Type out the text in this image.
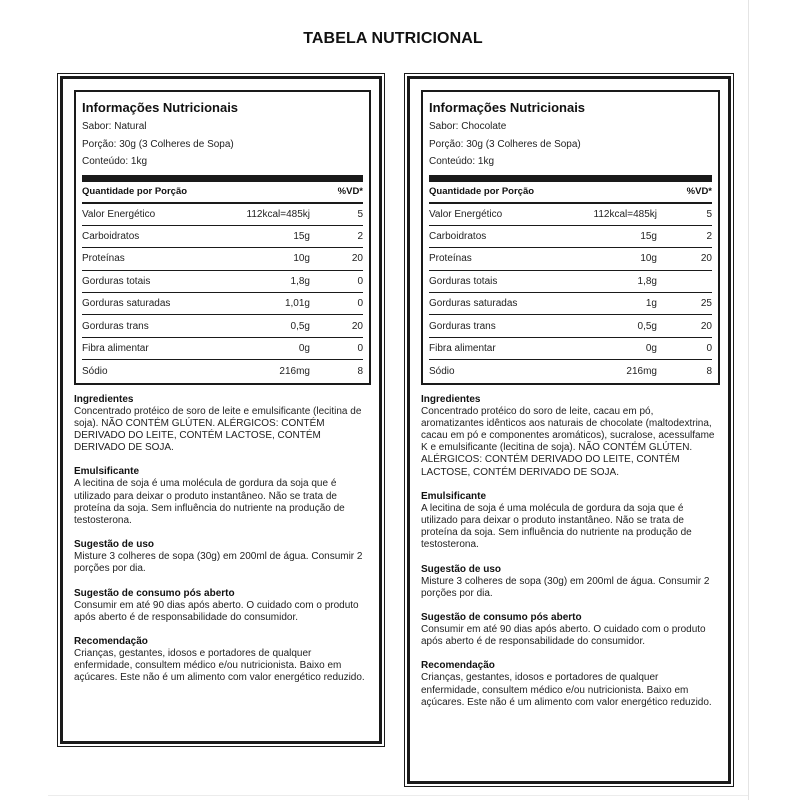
TABELA NUTRICIONAL
Informações Nutricionais
Sabor: Natural
Porção: 30g (3 Colheres de Sopa)
Conteúdo: 1kg
Quantidade por Porção	%VD*
Valor Energético	112kcal=485kj	5
Carboidratos	15g	2
Proteínas	10g	20
Gorduras totais	1,8g	0
Gorduras saturadas	1,01g	0
Gorduras trans	0,5g	20
Fibra alimentar	0g	0
Sódio	216mg	8
Ingredientes
Concentrado protéico de soro de leite e emulsificante (lecitina de soja). NÃO CONTÉM GLÚTEN. ALÉRGICOS: CONTÉM DERIVADO DO LEITE, CONTÉM LACTOSE, CONTÉM DERIVADO DE SOJA.
Emulsificante
A lecitina de soja é uma molécula de gordura da soja que é utilizado para deixar o produto instantâneo. Não se trata de proteína da soja. Sem influência do nutriente na produção de testosterona.
Sugestão de uso
Misture 3 colheres de sopa (30g) em 200ml de água. Consumir 2 porções por dia.
Sugestão de consumo pós aberto
Consumir em até 90 dias após aberto. O cuidado com o produto após aberto é de responsabilidade do consumidor.
Recomendação
Crianças, gestantes, idosos e portadores de qualquer enfermidade, consultem médico e/ou nutricionista. Baixo em açúcares. Este não é um alimento com valor energético reduzido.
Informações Nutricionais
Sabor: Chocolate
Porção: 30g (3 Colheres de Sopa)
Conteúdo: 1kg
Quantidade por Porção	%VD*
Valor Energético	112kcal=485kj	5
Carboidratos	15g	2
Proteínas	10g	20
Gorduras totais	1,8g
Gorduras saturadas	1g	25
Gorduras trans	0,5g	20
Fibra alimentar	0g	0
Sódio	216mg	8
Ingredientes
Concentrado protéico do soro de leite, cacau em pó, aromatizantes idênticos aos naturais de chocolate (maltodextrina, cacau em pó e componentes aromáticos), sucralose, acessulfame K e emulsificante (lecitina de soja). NÃO CONTÉM GLÚTEN. ALÉRGICOS: CONTÉM DERIVADO DO LEITE, CONTÉM LACTOSE, CONTÉM DERIVADO DE SOJA.
Emulsificante
A lecitina de soja é uma molécula de gordura da soja que é utilizado para deixar o produto instantâneo. Não se trata de proteína da soja. Sem influência do nutriente na produção de testosterona.
Sugestão de uso
Misture 3 colheres de sopa (30g) em 200ml de água. Consumir 2 porções por dia.
Sugestão de consumo pós aberto
Consumir em até 90 dias após aberto. O cuidado com o produto após aberto é de responsabilidade do consumidor.
Recomendação
Crianças, gestantes, idosos e portadores de qualquer enfermidade, consultem médico e/ou nutricionista. Baixo em açúcares. Este não é um alimento com valor energético reduzido.
